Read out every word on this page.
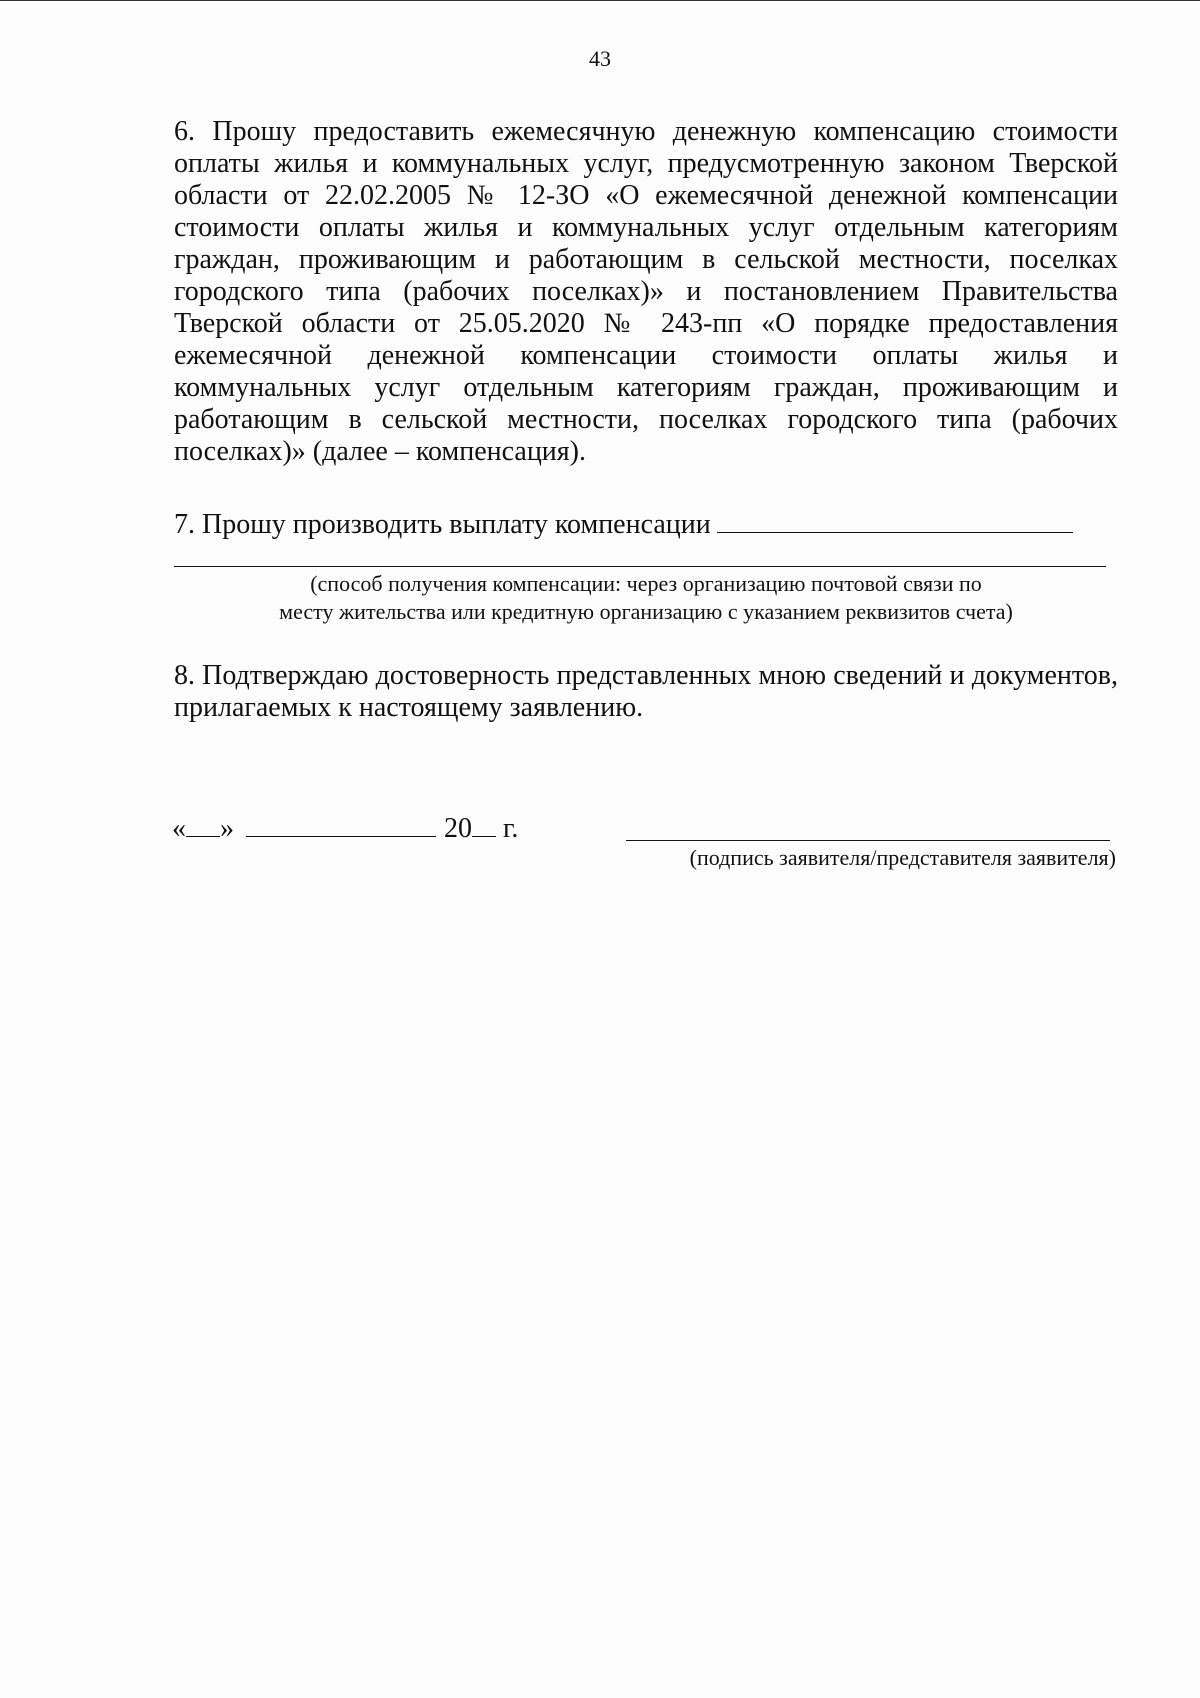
43

6. Прошу предоставить ежемесячную денежную компенсацию стоимости оплаты жилья и коммунальных услуг, предусмотренную законом Тверской области от 22.02.2005 № 12-ЗО «О ежемесячной денежной компенсации стоимости оплаты жилья и коммунальных услуг отдельным категориям граждан, проживающим и работающим в сельской местности, поселках городского типа (рабочих поселках)» и постановлением Правительства Тверской области от 25.05.2020 № 243-пп «О порядке предоставления ежемесячной денежной компенсации стоимости оплаты жилья и коммунальных услуг отдельным категориям граждан, проживающим и работающим в сельской местности, поселках городского типа (рабочих поселках)» (далее – компенсация).

7. Прошу производить выплату компенсации
(способ получения компенсации: через организацию почтовой связи по
месту жительства или кредитную организацию с указанием реквизитов счета)

8. Подтверждаю достоверность представленных мною сведений и документов, прилагаемых к настоящему заявлению.

« »	20 г.
(подпись заявителя/представителя заявителя)
